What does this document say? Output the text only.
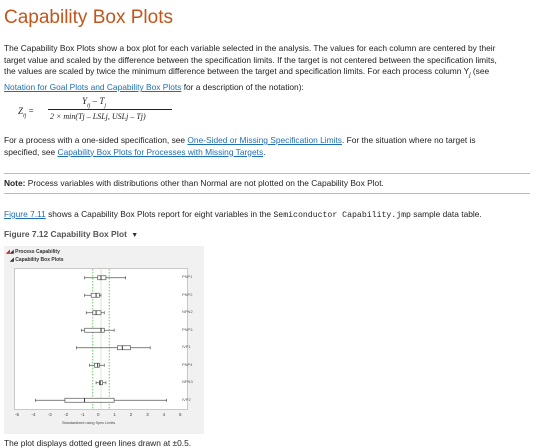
Capability Box Plots

The Capability Box Plots show a box plot for each variable selected in the analysis. The values for each column are centered by their

target value and scaled by the difference between the specification limits. If the target is not centered between the specification limits,

the values are scaled by twice the minimum difference between the target and specification limits. For each process column $Y_j$ (see

Notation for Goal Plots and Capability Box Plots for a description of the notation):

$Z_{ij}$ =
$Y_{ij} - T_j$
2 × min(Tj – LSLj, USLj – Tj)

For a process with a one-sided specification, see One-Sided or Missing Specification Limits. For the situation where no target is

specified, see Capability Box Plots for Processes with Missing Targets.

Note: Process variables with distributions other than Normal are not plotted on the Capability Box Plot.

Figure 7.11 shows a Capability Box Plots report for eight variables in the Semiconductor Capability.jmp sample data table.

Figure 7.12 Capability Box Plot ▼
◢◢ Process Capability
◢ Capability Box Plots
PNP1
PNP2
NPN2
PNP3
IVP1
PNP4
NPN3
IVP2
-5	-4	-3	-2	-1	0	1	2	3	4	5
Standardized using Spec Limits
The plot displays dotted green lines drawn at ±0.5.
